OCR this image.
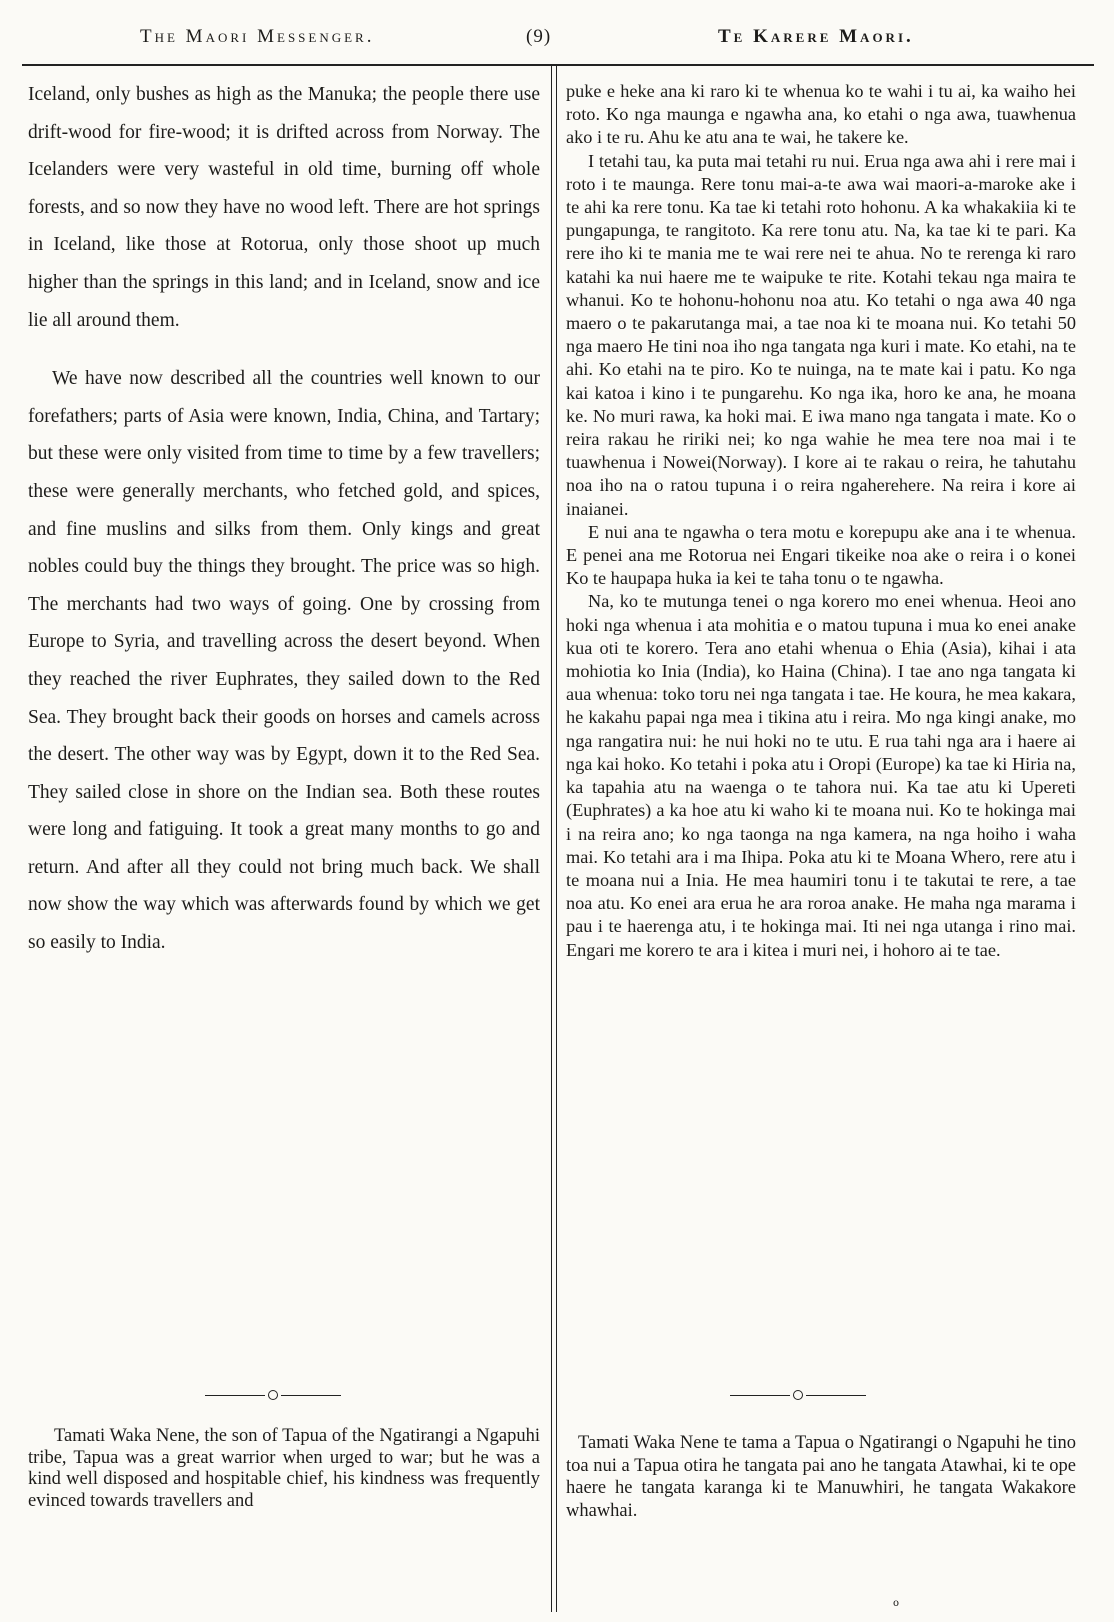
The Maori Messenger.	(9)	Te Karere Maori.

Iceland, only bushes as high as the Manuka; the people there use drift-wood for fire-wood; it is drifted across from Norway. The Icelanders were very wasteful in old time, burning off whole forests, and so now they have no wood left. There are hot springs in Iceland, like those at Rotorua, only those shoot up much higher than the springs in this land; and in Iceland, snow and ice lie all around them.

We have now described all the countries well known to our forefathers; parts of Asia were known, India, China, and Tartary; but these were only visited from time to time by a few travellers; these were generally merchants, who fetched gold, and spices, and fine muslins and silks from them. Only kings and great nobles could buy the things they brought. The price was so high. The merchants had two ways of going. One by crossing from Europe to Syria, and travelling across the desert beyond. When they reached the river Euphrates, they sailed down to the Red Sea. They brought back their goods on horses and camels across the desert. The other way was by Egypt, down it to the Red Sea. They sailed close in shore on the Indian sea. Both these routes were long and fatiguing. It took a great many months to go and return. And after all they could not bring much back. We shall now show the way which was afterwards found by which we get so easily to India.

puke e heke ana ki raro ki te whenua ko te wahi i tu ai, ka waiho hei roto. Ko nga maunga e ngawha ana, ko etahi o nga awa, tuawhenua ako i te ru. Ahu ke atu ana te wai, he takere ke.

I tetahi tau, ka puta mai tetahi ru nui. Erua nga awa ahi i rere mai i roto i te maunga. Rere tonu mai-a-te awa wai maori-a-maroke ake i te ahi ka rere tonu. Ka tae ki tetahi roto hohonu. A ka whakakiia ki te pungapunga, te rangitoto. Ka rere tonu atu. Na, ka tae ki te pari. Ka rere iho ki te mania me te wai rere nei te ahua. No te rerenga ki raro katahi ka nui haere me te waipuke te rite. Kotahi tekau nga maira te whanui. Ko te hohonu-hohonu noa atu. Ko tetahi o nga awa 40 nga maero o te pakarutanga mai, a tae noa ki te moana nui. Ko tetahi 50 nga maero He tini noa iho nga tangata nga kuri i mate. Ko etahi, na te ahi. Ko etahi na te piro. Ko te nuinga, na te mate kai i patu. Ko nga kai katoa i kino i te pungarehu. Ko nga ika, horo ke ana, he moana ke. No muri rawa, ka hoki mai. E iwa mano nga tangata i mate. Ko o reira rakau he ririki nei; ko nga wahie he mea tere noa mai i te tuawhenua i Nowei(Norway). I kore ai te rakau o reira, he tahutahu noa iho na o ratou tupuna i o reira ngaherehere. Na reira i kore ai inaianei.

E nui ana te ngawha o tera motu e korepupu ake ana i te whenua. E penei ana me Rotorua nei Engari tikeike noa ake o reira i o konei Ko te haupapa huka ia kei te taha tonu o te ngawha.

Na, ko te mutunga tenei o nga korero mo enei whenua. Heoi ano hoki nga whenua i ata mohitia e o matou tupuna i mua ko enei anake kua oti te korero. Tera ano etahi whenua o Ehia (Asia), kihai i ata mohiotia ko Inia (India), ko Haina (China). I tae ano nga tangata ki aua whenua: toko toru nei nga tangata i tae. He koura, he mea kakara, he kakahu papai nga mea i tikina atu i reira. Mo nga kingi anake, mo nga rangatira nui: he nui hoki no te utu. E rua tahi nga ara i haere ai nga kai hoko. Ko tetahi i poka atu i Oropi (Europe) ka tae ki Hiria na, ka tapahia atu na waenga o te tahora nui. Ka tae atu ki Upereti (Euphrates) a ka hoe atu ki waho ki te moana nui. Ko te hokinga mai i na reira ano; ko nga taonga na nga kamera, na nga hoiho i waha mai. Ko tetahi ara i ma Ihipa. Poka atu ki te Moana Whero, rere atu i te moana nui a Inia. He mea haumiri tonu i te takutai te rere, a tae noa atu. Ko enei ara erua he ara roroa anake. He maha nga marama i pau i te haerenga atu, i te hokinga mai. Iti nei nga utanga i rino mai. Engari me korero te ara i kitea i muri nei, i hohoro ai te tae.

Tamati Waka Nene, the son of Tapua of the Ngatirangi a Ngapuhi tribe, Tapua was a great warrior when urged to war; but he was a kind well disposed and hospitable chief, his kindness was frequently evinced towards travellers and
Tamati Waka Nene te tama a Tapua o Ngatirangi o Ngapuhi he tino toa nui a Tapua otira he tangata pai ano he tangata Atawhai, ki te ope haere he tangata karanga ki te Manuwhiri, he tangata Wakakore whawhai.
o
